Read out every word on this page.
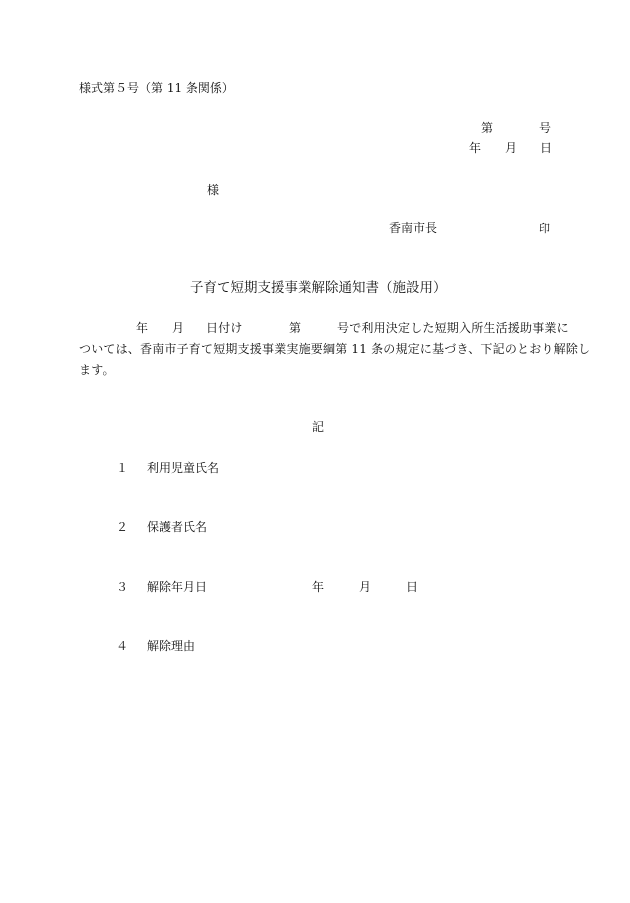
様式第５号（第 11 条関係）
第	号
年 月 日
様
香南市長	印
子育て短期支援事業解除通知書（施設用）
年 月 日付け	第	号で利用決定した短期入所生活援助事業に
ついては、香南市子育て短期支援事業実施要綱第 11 条の規定に基づき、下記のとおり解除し
ます。
記
１ 利用児童氏名
２ 保護者氏名
３ 解除年月日	年	月	日
４ 解除理由
